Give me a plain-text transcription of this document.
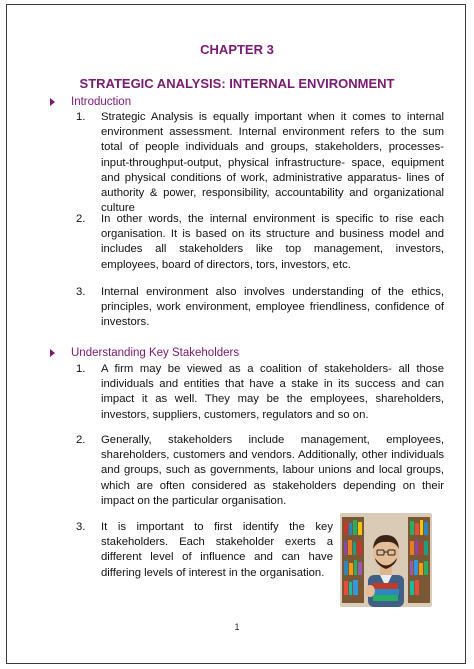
CHAPTER 3
STRATEGIC ANALYSIS: INTERNAL ENVIRONMENT
Introduction
1. Strategic Analysis is equally important when it comes to internal environment assessment. Internal environment refers to the sum total of people individuals and groups, stakeholders, processes- input-throughput-output, physical infrastructure- space, equipment and physical conditions of work, administrative apparatus- lines of authority & power, responsibility, accountability and organizational culture
2. In other words, the internal environment is specific to rise each organisation. It is based on its structure and business model and includes all stakeholders like top management, investors, employees, board of directors, tors, investors, etc.
3. Internal environment also involves understanding of the ethics, principles, work environment, employee friendliness, confidence of investors.
Understanding Key Stakeholders
1. A firm may be viewed as a coalition of stakeholders- all those individuals and entities that have a stake in its success and can impact it as well. They may be the employees, shareholders, investors, suppliers, customers, regulators and so on.
2. Generally, stakeholders include management, employees, shareholders, customers and vendors. Additionally, other individuals and groups, such as governments, labour unions and local groups, which are often considered as stakeholders depending on their impact on the particular organisation.
3. It is important to first identify the key stakeholders. Each stakeholder exerts a different level of influence and can have differing levels of interest in the organisation.
1
